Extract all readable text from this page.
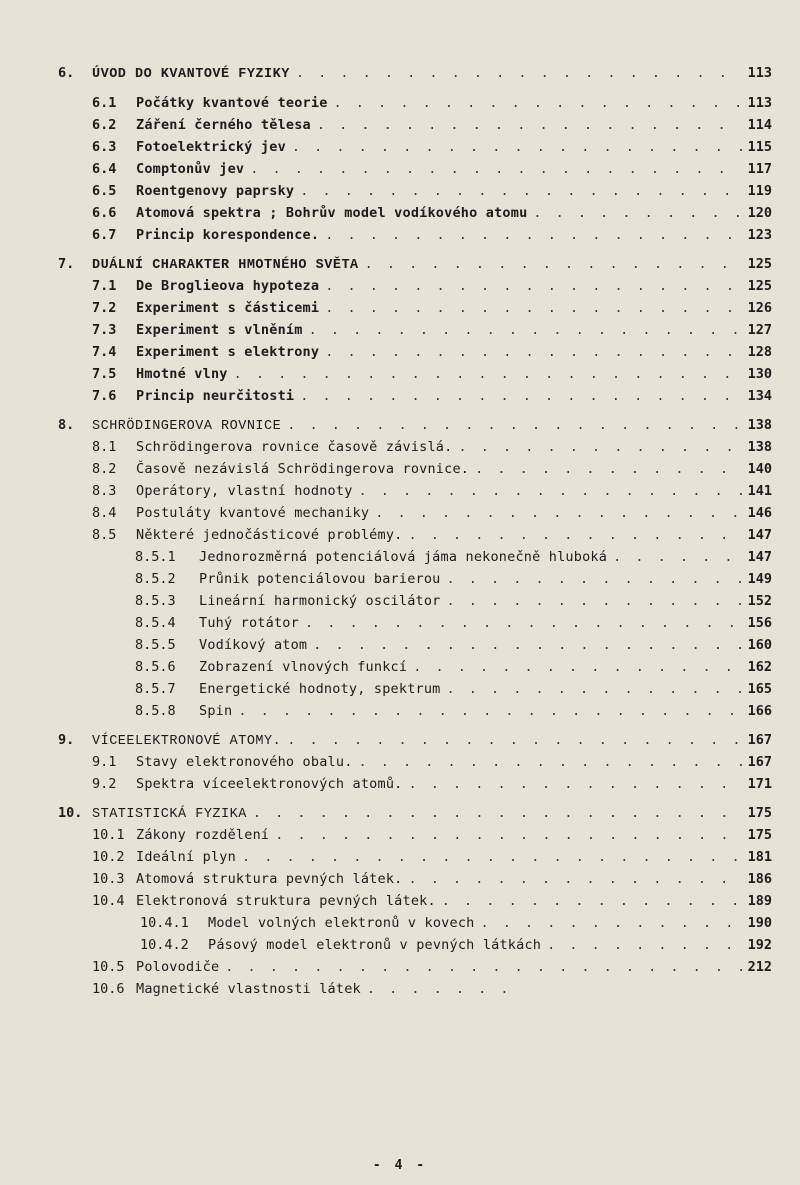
6.	ÚVOD DO KVANTOVÉ FYZIKY . . .	113
6.1	Počátky kvantové teorie . . .	113
6.2	Záření černého tělesa . . .	114
6.3	Fotoelektrický jev . . .	115
6.4	Comptonův jev . . .	117
6.5	Roentgenovy paprsky . . .	119
6.6	Atomová spektra ; Bohrův model vodíkového atomu . . .	120
6.7	Princip korespondence. . . .	123
7.	DUÁLNÍ CHARAKTER HMOTNÉHO SVĚTA . . .	125
7.1	De Broglieova hypoteza . . .	125
7.2	Experiment s částicemi . . .	126
7.3	Experiment s vlněním . . .	127
7.4	Experiment s elektrony . . .	128
7.5	Hmotné vlny . . .	130
7.6	Princip neurčitosti . . .	134
8.	SCHRÖDINGEROVA ROVNICE . . .	138
8.1	Schrödingerova rovnice časově závislá. . . .	138
8.2	Časově nezávislá Schrödingerova rovnice. . . .	140
8.3	Operátory, vlastní hodnoty . . .	141
8.4	Postuláty kvantové mechaniky . . .	146
8.5	Některé jednočásticové problémy. . . .	147
8.5.1	Jednorozměrná potenciálová jáma nekonečně hluboká . . .	147
8.5.2	Průnik potenciálovou barierou . . .	149
8.5.3	Lineární harmonický oscilátor . . .	152
8.5.4	Tuhý rotátor . . .	156
8.5.5	Vodíkový atom . . .	160
8.5.6	Zobrazení vlnových funkcí . . .	162
8.5.7	Energetické hodnoty, spektrum . . .	165
8.5.8	Spin . . .	166
9.	VÍCEELEKTRONOVÉ ATOMY. . . .	167
9.1	Stavy elektronového obalu. . . .	167
9.2	Spektra víceelektronových atomů. . . .	171
10. STATISTICKÁ FYZIKA . . .	175
10.1 Zákony rozdělení . . .	175
10.2 Ideální plyn . . .	181
10.3 Atomová struktura pevných látek. . . .	186
10.4 Elektronová struktura pevných látek. . . .	189
10.4.1	Model volných elektronů v kovech . . .	190
10.4.2	Pásový model elektronů v pevných látkách . . .	192
10.5 Polovodiče . . .	212
10.6 Magnetické vlastnosti látek
. . .
- 4 -
